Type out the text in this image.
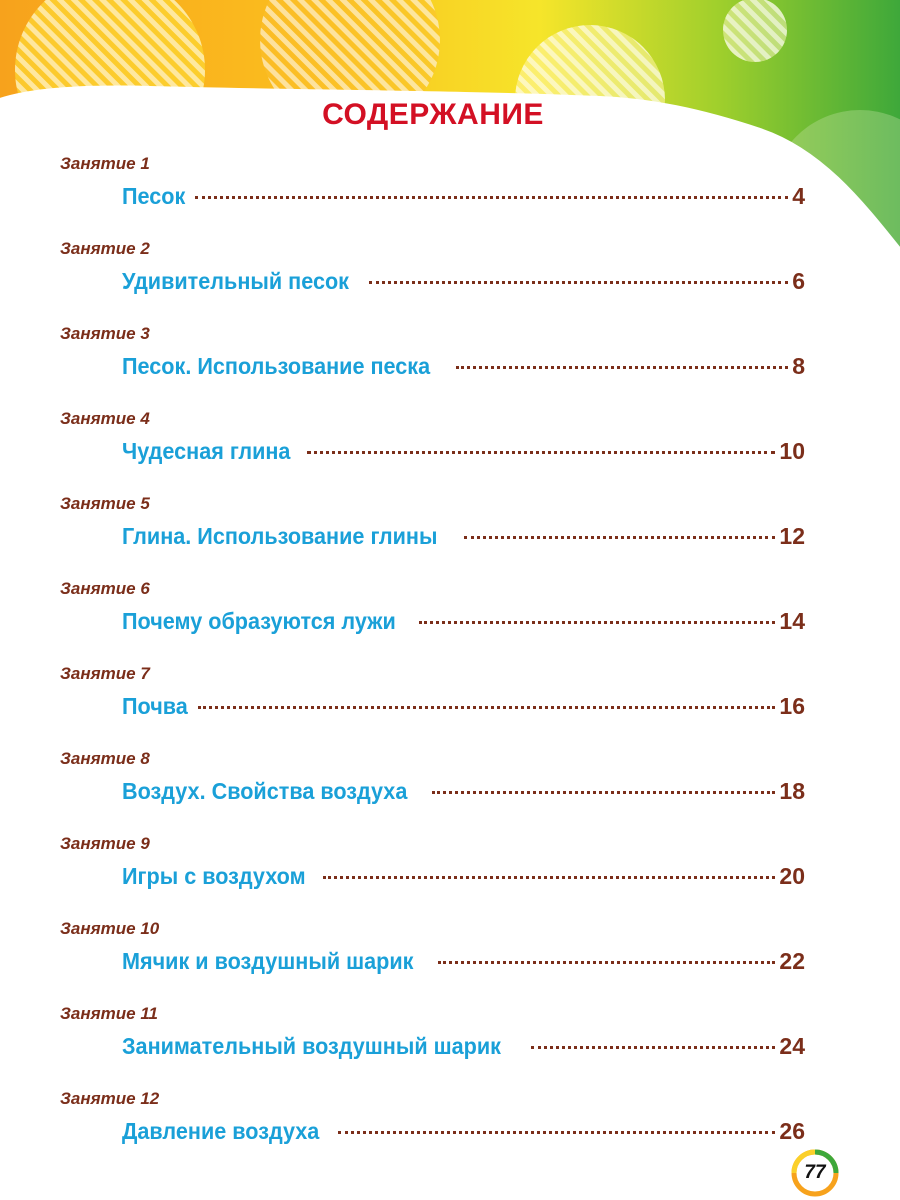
СОДЕРЖАНИЕ
Занятие 1
Песок	4
Занятие 2
Удивительный песок	6
Занятие 3
Песок. Использование песка	8
Занятие 4
Чудесная глина	10
Занятие 5
Глина. Использование глины	12
Занятие 6
Почему образуются лужи	14
Занятие 7
Почва	16
Занятие 8
Воздух. Свойства воздуха	18
Занятие 9
Игры с воздухом	20
Занятие 10
Мячик и воздушный шарик	22
Занятие 11
Занимательный воздушный шарик	24
Занятие 12
Давление воздуха	26
77
